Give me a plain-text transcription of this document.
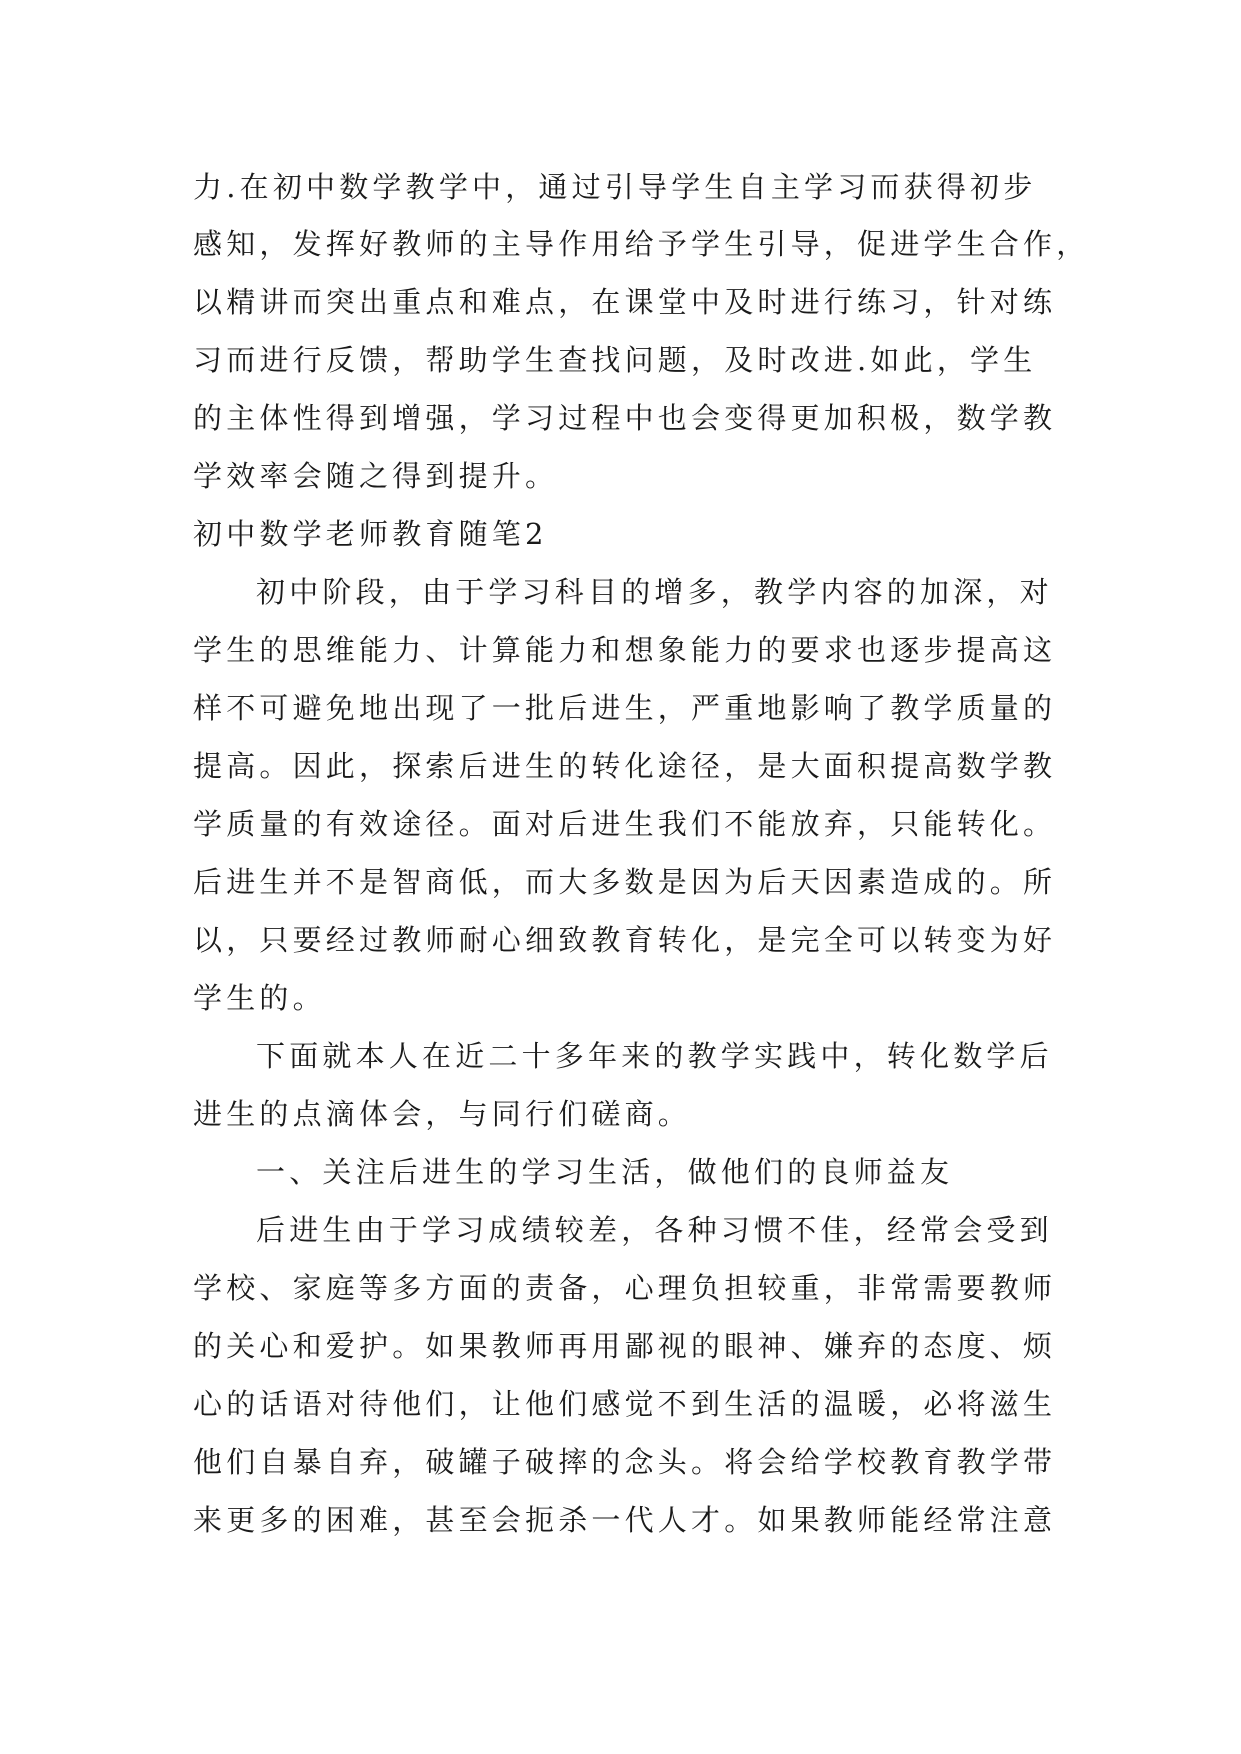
力.在初中数学教学中，通过引导学生自主学习而获得初步
感知，发挥好教师的主导作用给予学生引导，促进学生合作，
以精讲而突出重点和难点，在课堂中及时进行练习，针对练
习而进行反馈，帮助学生查找问题，及时改进.如此，学生
的主体性得到增强，学习过程中也会变得更加积极，数学教
学效率会随之得到提升。
初中数学老师教育随笔2
初中阶段，由于学习科目的增多，教学内容的加深，对
学生的思维能力、计算能力和想象能力的要求也逐步提高这
样不可避免地出现了一批后进生，严重地影响了教学质量的
提高。因此，探索后进生的转化途径，是大面积提高数学教
学质量的有效途径。面对后进生我们不能放弃，只能转化。
后进生并不是智商低，而大多数是因为后天因素造成的。所
以，只要经过教师耐心细致教育转化，是完全可以转变为好
学生的。
下面就本人在近二十多年来的教学实践中，转化数学后
进生的点滴体会，与同行们磋商。
一、关注后进生的学习生活，做他们的良师益友
后进生由于学习成绩较差，各种习惯不佳，经常会受到
学校、家庭等多方面的责备，心理负担较重，非常需要教师
的关心和爱护。如果教师再用鄙视的眼神、嫌弃的态度、烦
心的话语对待他们，让他们感觉不到生活的温暖，必将滋生
他们自暴自弃，破罐子破摔的念头。将会给学校教育教学带
来更多的困难，甚至会扼杀一代人才。如果教师能经常注意
